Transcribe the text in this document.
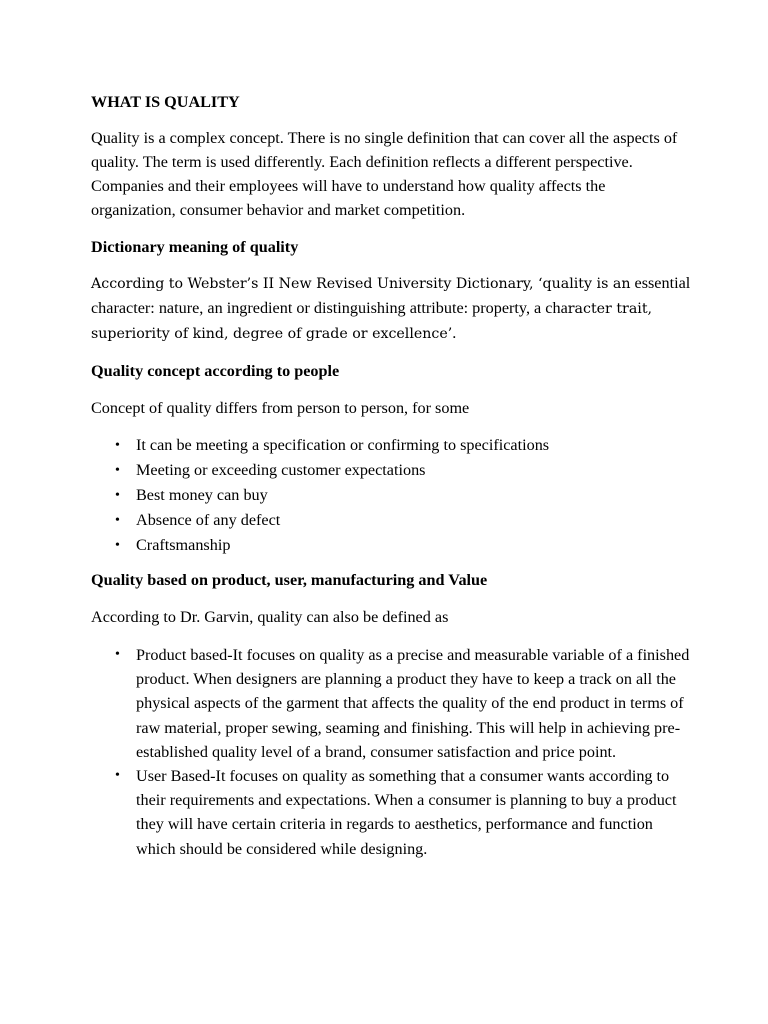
WHAT IS QUALITY

Quality is a complex concept. There is no single definition that can cover all the aspects of quality. The term is used differently. Each definition reflects a different perspective. Companies and their employees will have to understand how quality affects the organization, consumer behavior and market competition.

Dictionary meaning of quality

According to Webster’s II New Revised University Dictionary, ‘quality is an essential character: nature, an ingredient or distinguishing attribute: property, a character trait, superiority of kind, degree of grade or excellence’.

Quality concept according to people

Concept of quality differs from person to person, for some

• It can be meeting a specification or confirming to specifications
• Meeting or exceeding customer expectations
• Best money can buy
• Absence of any defect
• Craftsmanship
Quality based on product, user, manufacturing and Value

According to Dr. Garvin, quality can also be defined as

• Product based-It focuses on quality as a precise and measurable variable of a finished product. When designers are planning a product they have to keep a track on all the physical aspects of the garment that affects the quality of the end product in terms of raw material, proper sewing, seaming and finishing. This will help in achieving pre-established quality level of a brand, consumer satisfaction and price point.
• User Based-It focuses on quality as something that a consumer wants according to their requirements and expectations. When a consumer is planning to buy a product they will have certain criteria in regards to aesthetics, performance and function which should be considered while designing.
